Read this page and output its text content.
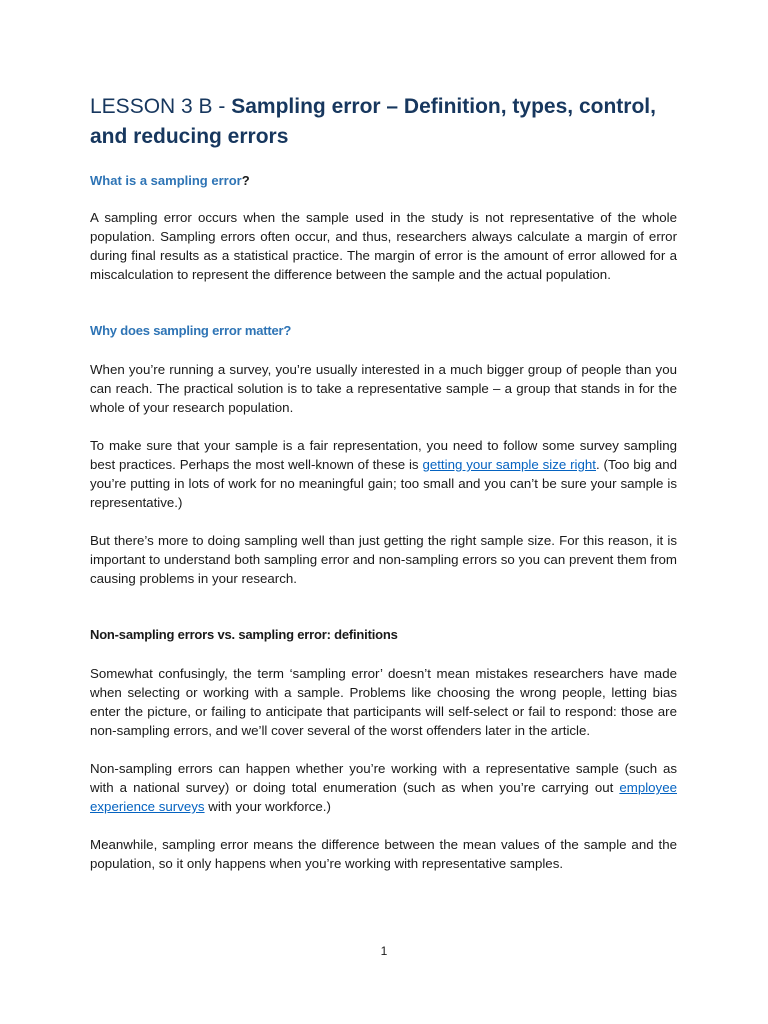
LESSON 3 B - Sampling error – Definition, types, control, and reducing errors
What is a sampling error?

A sampling error occurs when the sample used in the study is not representative of the whole population. Sampling errors often occur, and thus, researchers always calculate a margin of error during final results as a statistical practice. The margin of error is the amount of error allowed for a miscalculation to represent the difference between the sample and the actual population.

Why does sampling error matter?

When you’re running a survey, you’re usually interested in a much bigger group of people than you can reach. The practical solution is to take a representative sample – a group that stands in for the whole of your research population.

To make sure that your sample is a fair representation, you need to follow some survey sampling best practices. Perhaps the most well-known of these is getting your sample size right. (Too big and you’re putting in lots of work for no meaningful gain; too small and you can’t be sure your sample is representative.)

But there’s more to doing sampling well than just getting the right sample size. For this reason, it is important to understand both sampling error and non-sampling errors so you can prevent them from causing problems in your research.

Non-sampling errors vs. sampling error: definitions

Somewhat confusingly, the term ‘sampling error’ doesn’t mean mistakes researchers have made when selecting or working with a sample. Problems like choosing the wrong people, letting bias enter the picture, or failing to anticipate that participants will self-select or fail to respond: those are non-sampling errors, and we’ll cover several of the worst offenders later in the article.

Non-sampling errors can happen whether you’re working with a representative sample (such as with a national survey) or doing total enumeration (such as when you’re carrying out employee experience surveys with your workforce.)

Meanwhile, sampling error means the difference between the mean values of the sample and the population, so it only happens when you’re working with representative samples.

1
